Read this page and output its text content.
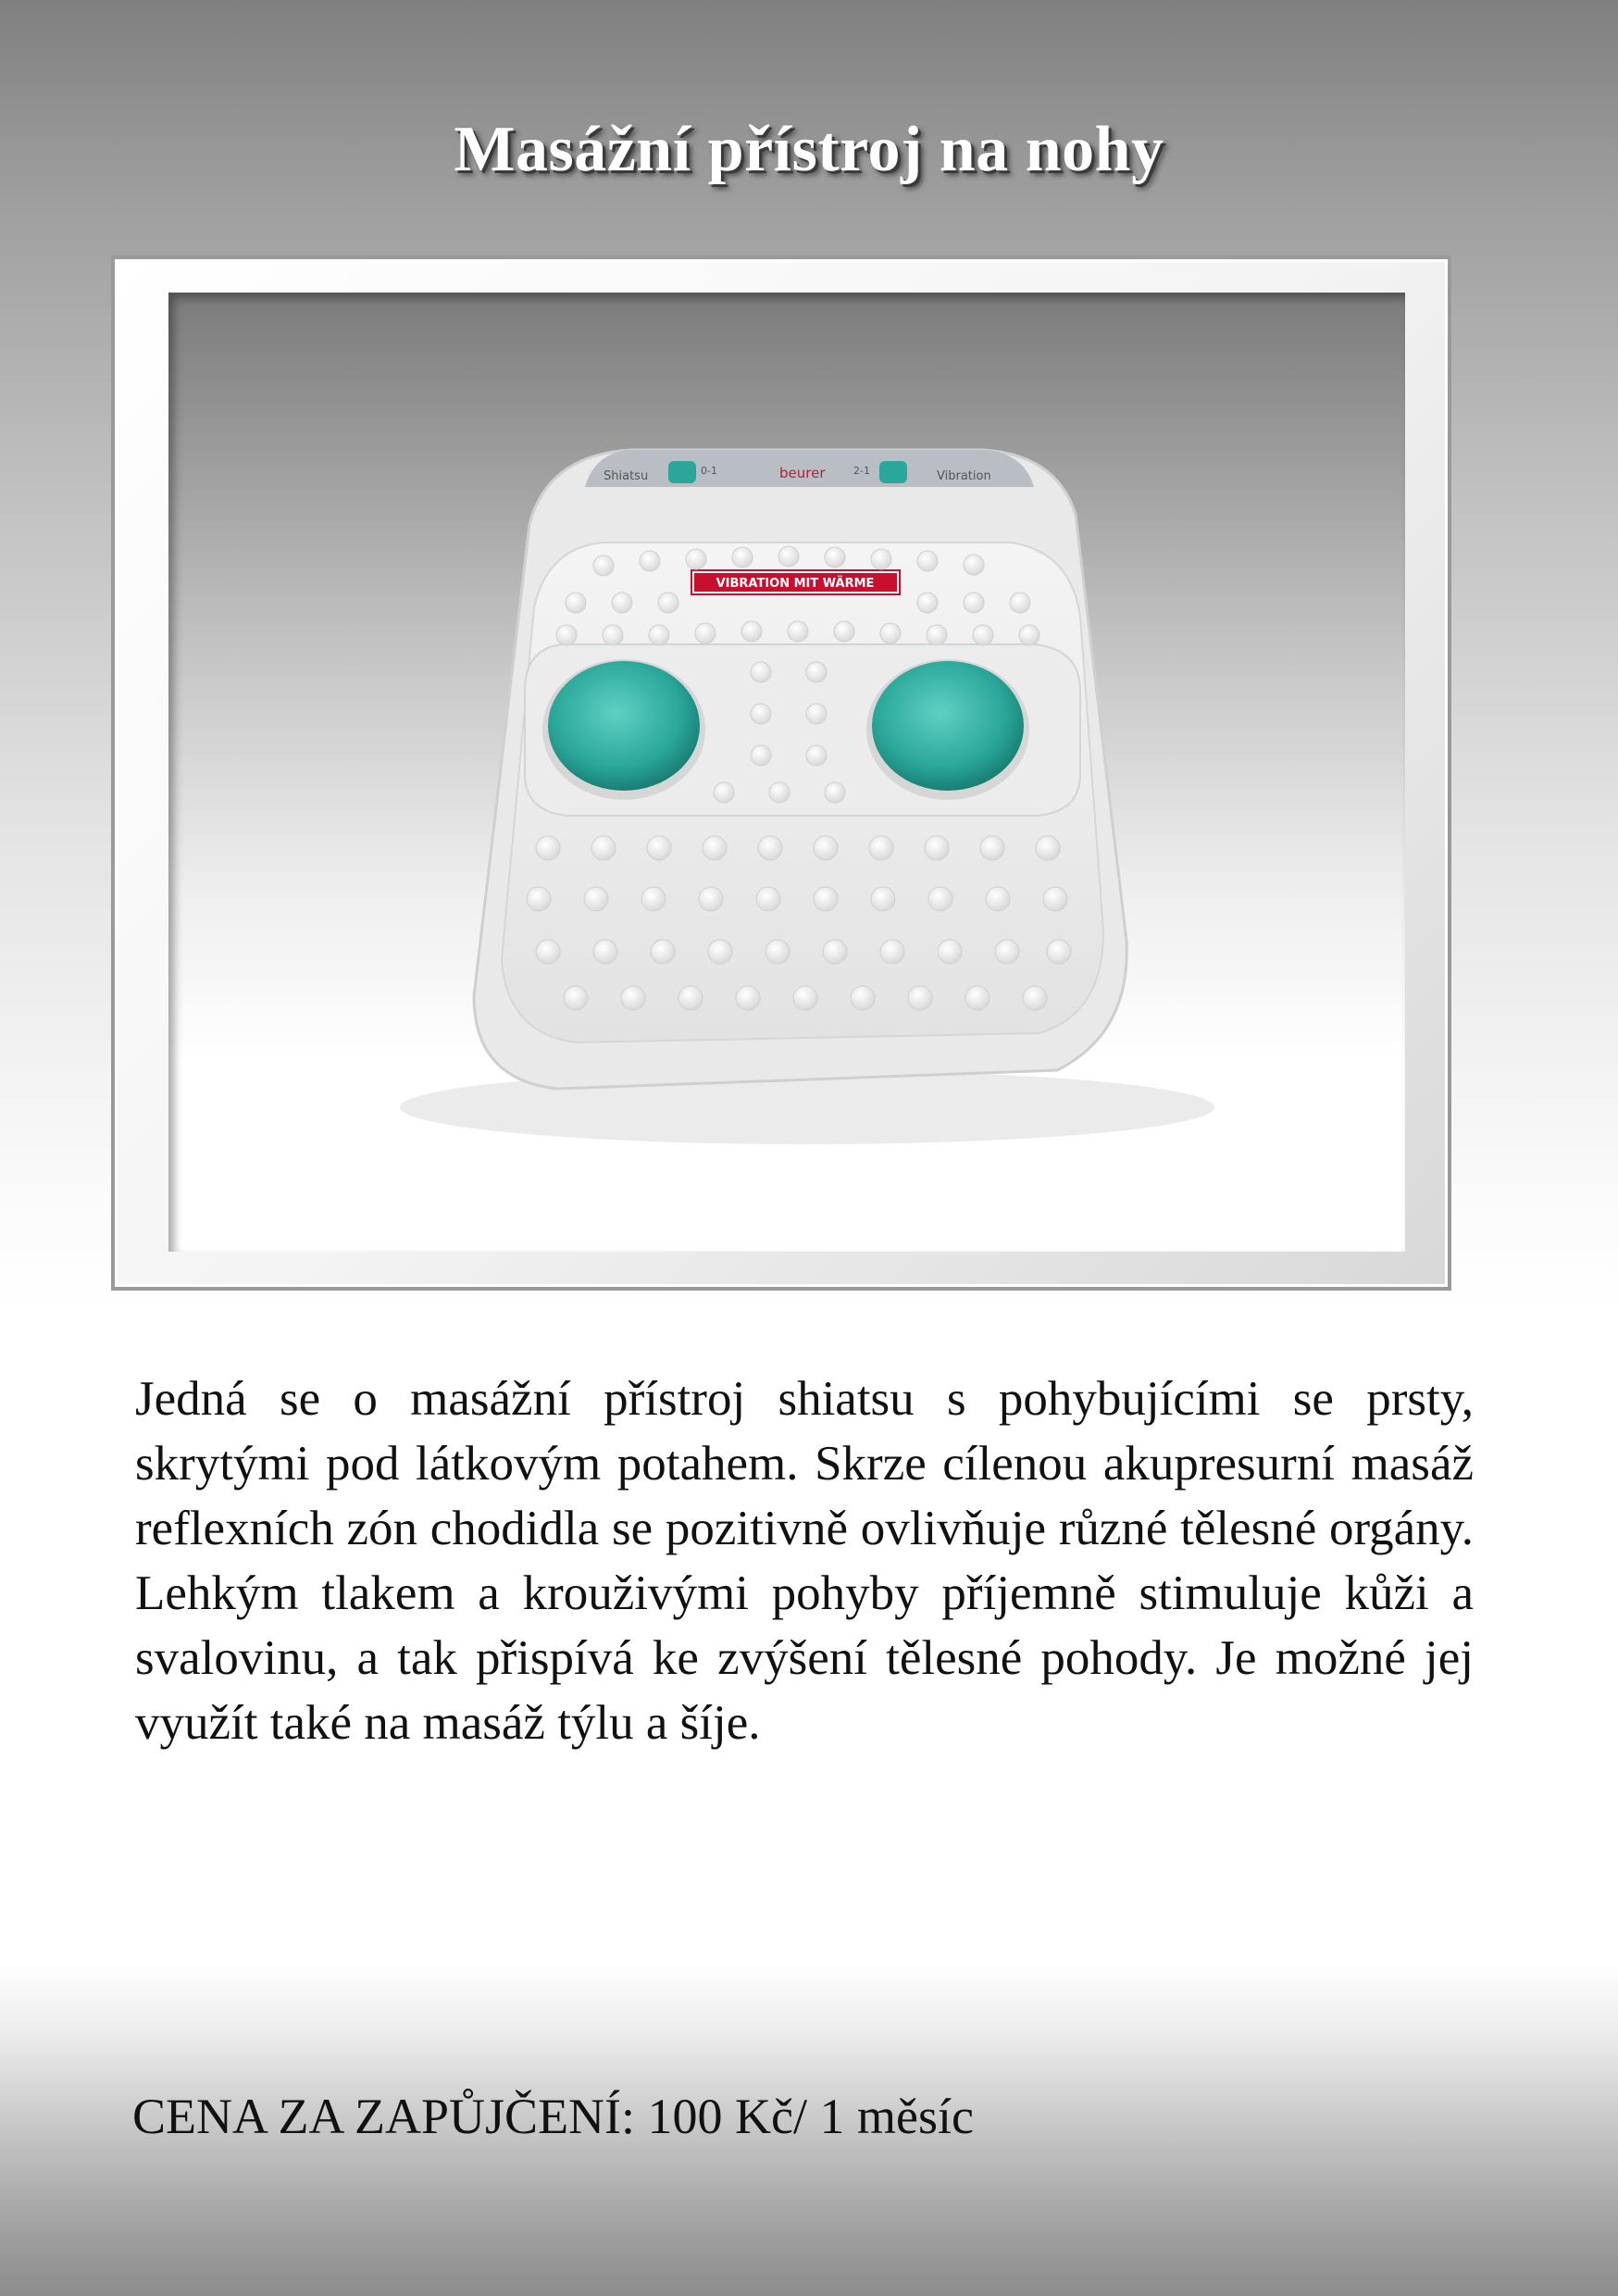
Masážní přístroj na nohy
Shiatsu	0-1	beurer	2-1	Vibration
VIBRATION MIT WÄRME

Jedná se o masážní přístroj shiatsu s pohybujícími se prsty, skrytými pod látkovým potahem. Skrze cílenou akupresurní masáž reflexních zón chodidla se pozitivně ovlivňuje různé tělesné orgány. Lehkým tlakem a krouživými pohyby příjemně stimuluje kůži a svalovinu, a tak přispívá ke zvýšení tělesné pohody. Je možné jej využít také na masáž týlu a šíje.

CENA ZA ZAPŮJČENÍ: 100 Kč/ 1 měsíc
